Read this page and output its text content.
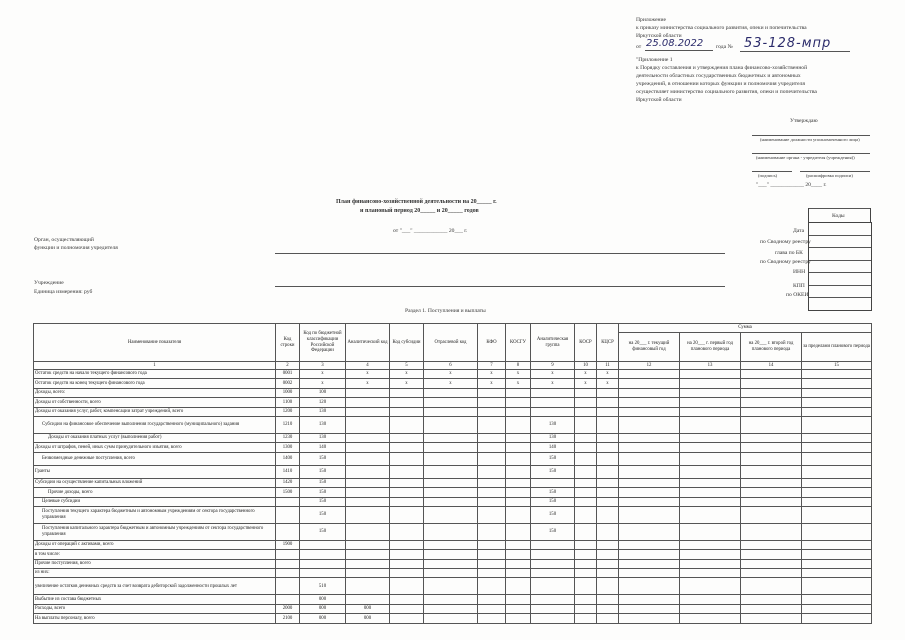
Приложение
к приказу министерства социального развития, опеки и попечительства
Иркутской области
от 25.08.2022 года № 53-128-мпр
"Приложение 1
к Порядку составления и утверждения плана финансово-хозяйственной
деятельности областных государственных бюджетных и автономных
учреждений, в отношении которых функции и полномочия учредителя
осуществляет министерство социального развития, опеки и попечительства
Иркутской области
Утверждаю
(наименование должности уполномоченного лица)
(наименование органа - учредителя (учреждения))
(подпись)	(расшифровка подписи)
"___" ____________ 20____ г.
План финансово-хозяйственной деятельности на 20_____ г.
и плановый период 20_____ и 20_____ годов
от "___" ____________ 20___ г.
Орган, осуществляющий
функции и полномочия учредителя
Учреждение
Единица измерения: руб
Коды
Дата
по Сводному реестру
глава по БК
по Сводному реестру
ИНН
КПП
по ОКЕИ
Раздел 1. Поступления и выплаты
Наименование показателя	Код строки	Код по бюджетной классификации Российской Федерации	Аналитический код	Код субсидии	Отраслевой код	КФО	КОСГУ	Аналитическая группа	КОСР	КЦСР	Сумма			
											на 20___ г. текущий финансовый год	на 20___ г. первый год планового периода	на 20___ г. второй год планового периода	за пределами планового периода
1	2	3	4	5	6	7	8	9	10	11	12	13	14	15
Остаток средств на начало текущего финансового года	0001	x	x	x	x	x	x	x	x	x				
Остаток средств на конец текущего финансового года	0002	x	x	x	x	x	x	x	x	x				
Доходы, всего:	1000	100												
Доходы от собственности, всего	1100	120												
Доходы от оказания услуг, работ, компенсации затрат учреждений, всего	1200	130												
Субсидии на финансовое обеспечение выполнения государственного (муниципального) задания	1210	130						130						
Доходы от оказания платных услуг (выполнения работ)	1230	130						130						
Доходы от штрафов, пеней, иных сумм принудительного изъятия, всего	1300	140						140						
Безвозмездные денежные поступления, всего	1400	150						150						
Гранты	1410	150						150						
Субсидии на осуществление капитальных вложений	1420	150												
Прочие доходы, всего	1500	150						150						
Целевые субсидии		150						150						
Поступления текущего характера бюджетным и автономным учреждениям от сектора государственного управления		150						150						
Поступления капитального характера бюджетным и автономным учреждениям от сектора государственного управления		150						150						
Доходы от операций с активами, всего	1900													
в том числе:														
Прочие поступления, всего														
из них:														
увеличение остатков денежных средств за счет возврата дебиторской задолженности прошлых лет		510												
Выбытие из состава бюджетных		000												
Расходы, всего	2000	000	000											
На выплаты персоналу, всего	2100	000	000											
